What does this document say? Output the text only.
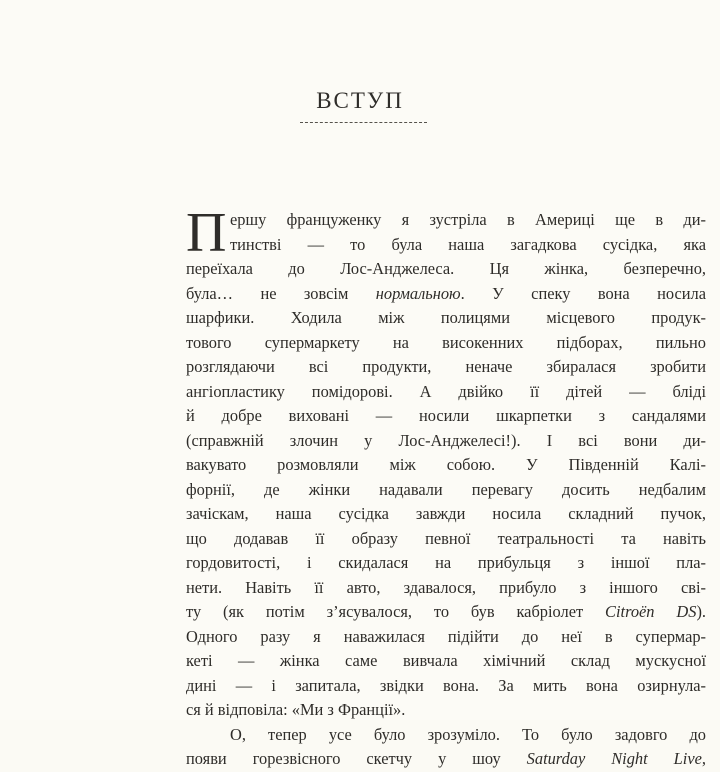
ВСТУП
П ершу француженку я зустріла в Америці ще в ди-
тинстві — то була наша загадкова сусідка, яка
переїхала до Лос-Анджелеса. Ця жінка, безперечно,
була… не зовсім нормальною. У спеку вона носила
шарфики. Ходила між полицями місцевого продук-
тового супермаркету на високенних підборах, пильно
розглядаючи всі продукти, неначе збиралася зробити
ангіопластику помідорові. А двійко її дітей — бліді
й добре виховані — носили шкарпетки з сандалями
(справжній злочин у Лос-Анджелесі!). І всі вони ди-
вакувато розмовляли між собою. У Південній Калі-
форнії, де жінки надавали перевагу досить недбалим
зачіскам, наша сусідка завжди носила складний пучок,
що додавав її образу певної театральності та навіть
гордовитості, і скидалася на прибульця з іншої пла-
нети. Навіть її авто, здавалося, прибуло з іншого сві-
ту (як потім з’ясувалося, то був кабріолет Citroën DS).
Одного разу я наважилася підійти до неї в супермар-
кеті — жінка саме вивчала хімічний склад мускусної
дині — і запитала, звідки вона. За мить вона озирнула-
ся й відповіла: «Ми з Франції».
О, тепер усе було зрозуміло. То було задовго до
появи горезвісного скетчу у шоу Saturday Night Live,
